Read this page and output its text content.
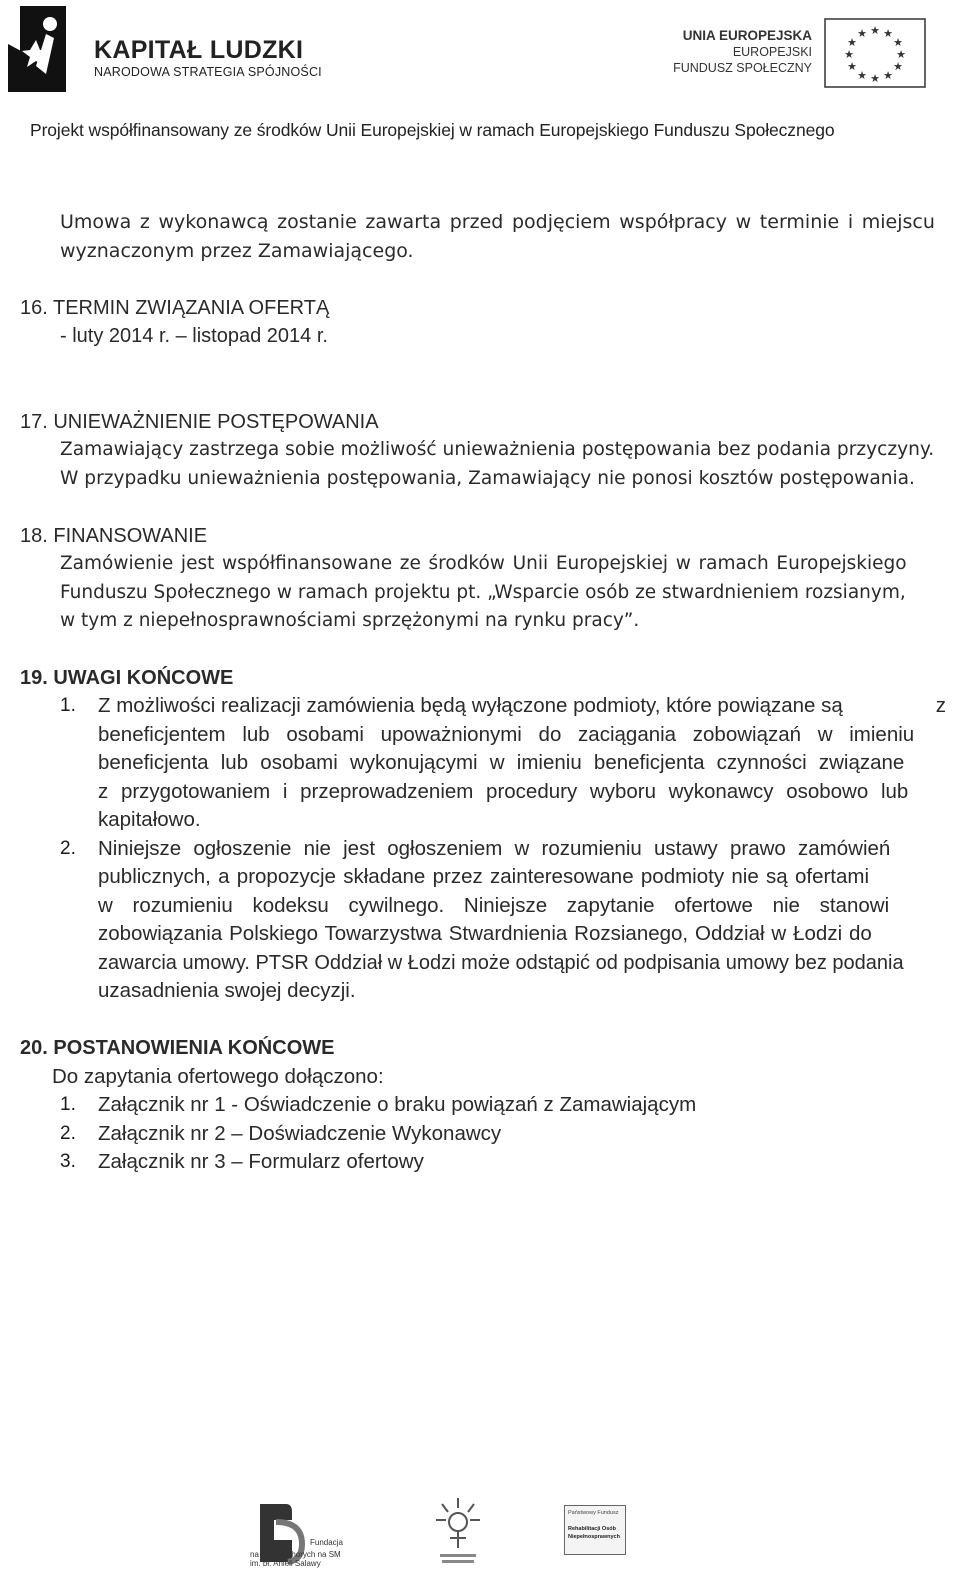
KAPITAŁ LUDZKI
NARODOWA STRATEGIA SPÓJNOŚCI
UNIA EUROPEJSKA
EUROPEJSKI
FUNDUSZ SPOŁECZNY
★ ★
★
★
★
★
★
★
★
★
★
★
Projekt współfinansowany ze środków Unii Europejskiej w ramach Europejskiego Funduszu Społecznego
Umowa z wykonawcą zostanie zawarta przed podjęciem współpracy w terminie i miejscu
wyznaczonym przez Zamawiającego.
16. TERMIN ZWIĄZANIA OFERTĄ
- luty 2014 r. – listopad 2014 r.
17. UNIEWAŻNIENIE POSTĘPOWANIA
Zamawiający zastrzega sobie możliwość unieważnienia postępowania bez podania przyczyny.
W przypadku unieważnienia postępowania, Zamawiający nie ponosi kosztów postępowania.
18. FINANSOWANIE
Zamówienie jest współfinansowane ze środków Unii Europejskiej w ramach Europejskiego
Funduszu Społecznego w ramach projektu pt. „Wsparcie osób ze stwardnieniem rozsianym,
w tym z niepełnosprawnościami sprzężonymi na rynku pracy”.
19. UWAGI KOŃCOWE
1. Z możliwości realizacji zamówienia będą wyłączone podmioty, które powiązane są	z
beneficjentem lub osobami upoważnionymi do zaciągania zobowiązań w imieniu
beneficjenta lub osobami wykonującymi w imieniu beneficjenta czynności związane
z przygotowaniem i przeprowadzeniem procedury wyboru wykonawcy osobowo lub
kapitałowo.
2. Niniejsze ogłoszenie nie jest ogłoszeniem w rozumieniu ustawy prawo zamówień
publicznych, a propozycje składane przez zainteresowane podmioty nie są ofertami
w rozumieniu kodeksu cywilnego. Niniejsze zapytanie ofertowe nie stanowi
zobowiązania Polskiego Towarzystwa Stwardnienia Rozsianego, Oddział w Łodzi do
zawarcia umowy. PTSR Oddział w Łodzi może odstąpić od podpisania umowy bez podania
uzasadnienia swojej decyzji.
20. POSTANOWIENIA KOŃCOWE
Do zapytania ofertowego dołączono:
1. Załącznik nr 1 - Oświadczenie o braku powiązań z Zamawiającym
2. Załącznik nr 2 – Doświadczenie Wykonawcy
3. Załącznik nr 3 – Formularz ofertowy
Fundacja
na Rzecz Chorych na SM
im. bł. Anieli Salawy
Państwowy Fundusz
Rehabilitacji Osób
Niepełnosprawnych
